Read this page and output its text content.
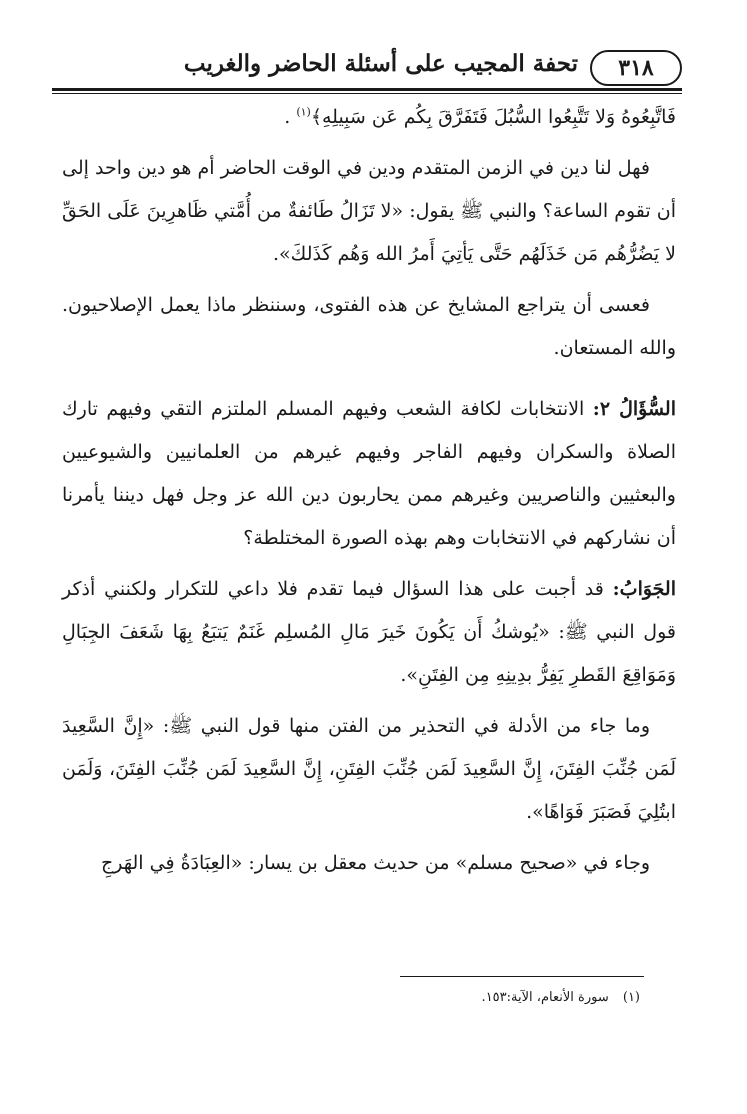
٣١٨
تحفة المجيب على أسئلة الحاضر والغريب

فَاتَّبِعُوهُ وَلا تَتَّبِعُوا السُّبُلَ فَتَفَرَّقَ بِكُم عَن سَبِيلِهِ﴾$^{(١)}$ .

فهل لنا دين في الزمن المتقدم ودين في الوقت الحاضر أم هو دين واحد إلى أن تقوم الساعة؟ والنبي ﷺ يقول: «لا تَزَالُ طَائفةٌ من أُمَّتي ظَاهرِينَ عَلَى الحَقِّ لا يَضُرُّهُم مَن خَذَلَهُم حَتَّى يَأتِيَ أَمرُ الله وَهُم كَذَلكَ».

فعسى أن يتراجع المشايخ عن هذه الفتوى، وسننظر ماذا يعمل الإصلاحيون. والله المستعان.

السُّؤَالُ ٢: الانتخابات لكافة الشعب وفيهم المسلم الملتزم التقي وفيهم تارك الصلاة والسكران وفيهم الفاجر وفيهم غيرهم من العلمانيين والشيوعيين والبعثيين والناصريين وغيرهم ممن يحاربون دين الله عز وجل فهل ديننا يأمرنا أن نشاركهم في الانتخابات وهم بهذه الصورة المختلطة؟

الجَوَابُ: قد أجبت على هذا السؤال فيما تقدم فلا داعي للتكرار ولكنني أذكر قول النبي ﷺ: «يُوشكُ أَن يَكُونَ خَيرَ مَالِ المُسلِم غَنَمٌ يَتبَعُ بِهَا شَعَفَ الجِبَالِ وَمَوَاقِعَ القَطرِ يَفِرُّ بدِينِهِ مِن الفِتَنِ».

وما جاء من الأدلة في التحذير من الفتن منها قول النبي ﷺ: «إِنَّ السَّعِيدَ لَمَن جُنِّبَ الفِتَنَ، إِنَّ السَّعِيدَ لَمَن جُنِّبَ الفِتَنِ، إِنَّ السَّعِيدَ لَمَن جُنِّبَ الفِتَنَ، وَلَمَن ابتُلِيَ فَصَبَرَ فَوَاهًا».

وجاء في «صحيح مسلم» من حديث معقل بن يسار: «العِبَادَةُ فِي الهَرجِ

(١) سورة الأنعام، الآية:١٥٣.
